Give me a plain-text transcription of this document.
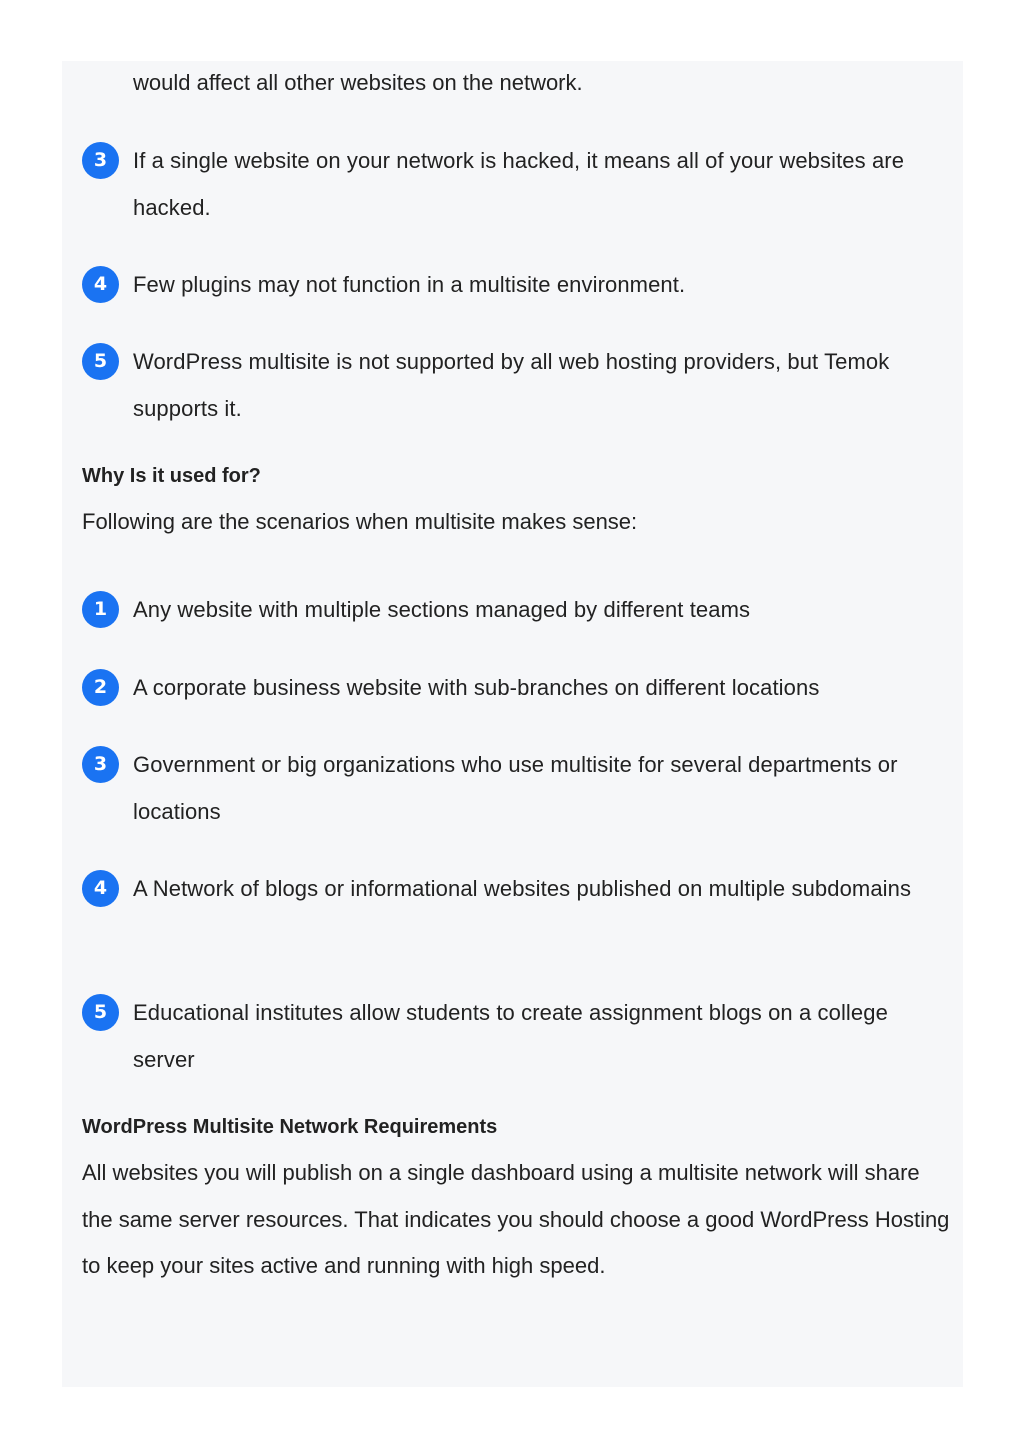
would affect all other websites on the network.
3	If a single website on your network is hacked, it means all of your websites are hacked.
4	Few plugins may not function in a multisite environment.
5	WordPress multisite is not supported by all web hosting providers, but Temok supports it.
Why Is it used for?
Following are the scenarios when multisite makes sense:
1	Any website with multiple sections managed by different teams
2	A corporate business website with sub-branches on different locations
3	Government or big organizations who use multisite for several departments or locations
4	A Network of blogs or informational websites published on multiple subdomains
5	Educational institutes allow students to create assignment blogs on a college server
WordPress Multisite Network Requirements
All websites you will publish on a single dashboard using a multisite network will share the same server resources. That indicates you should choose a good WordPress Hosting to keep your sites active and running with high speed.
